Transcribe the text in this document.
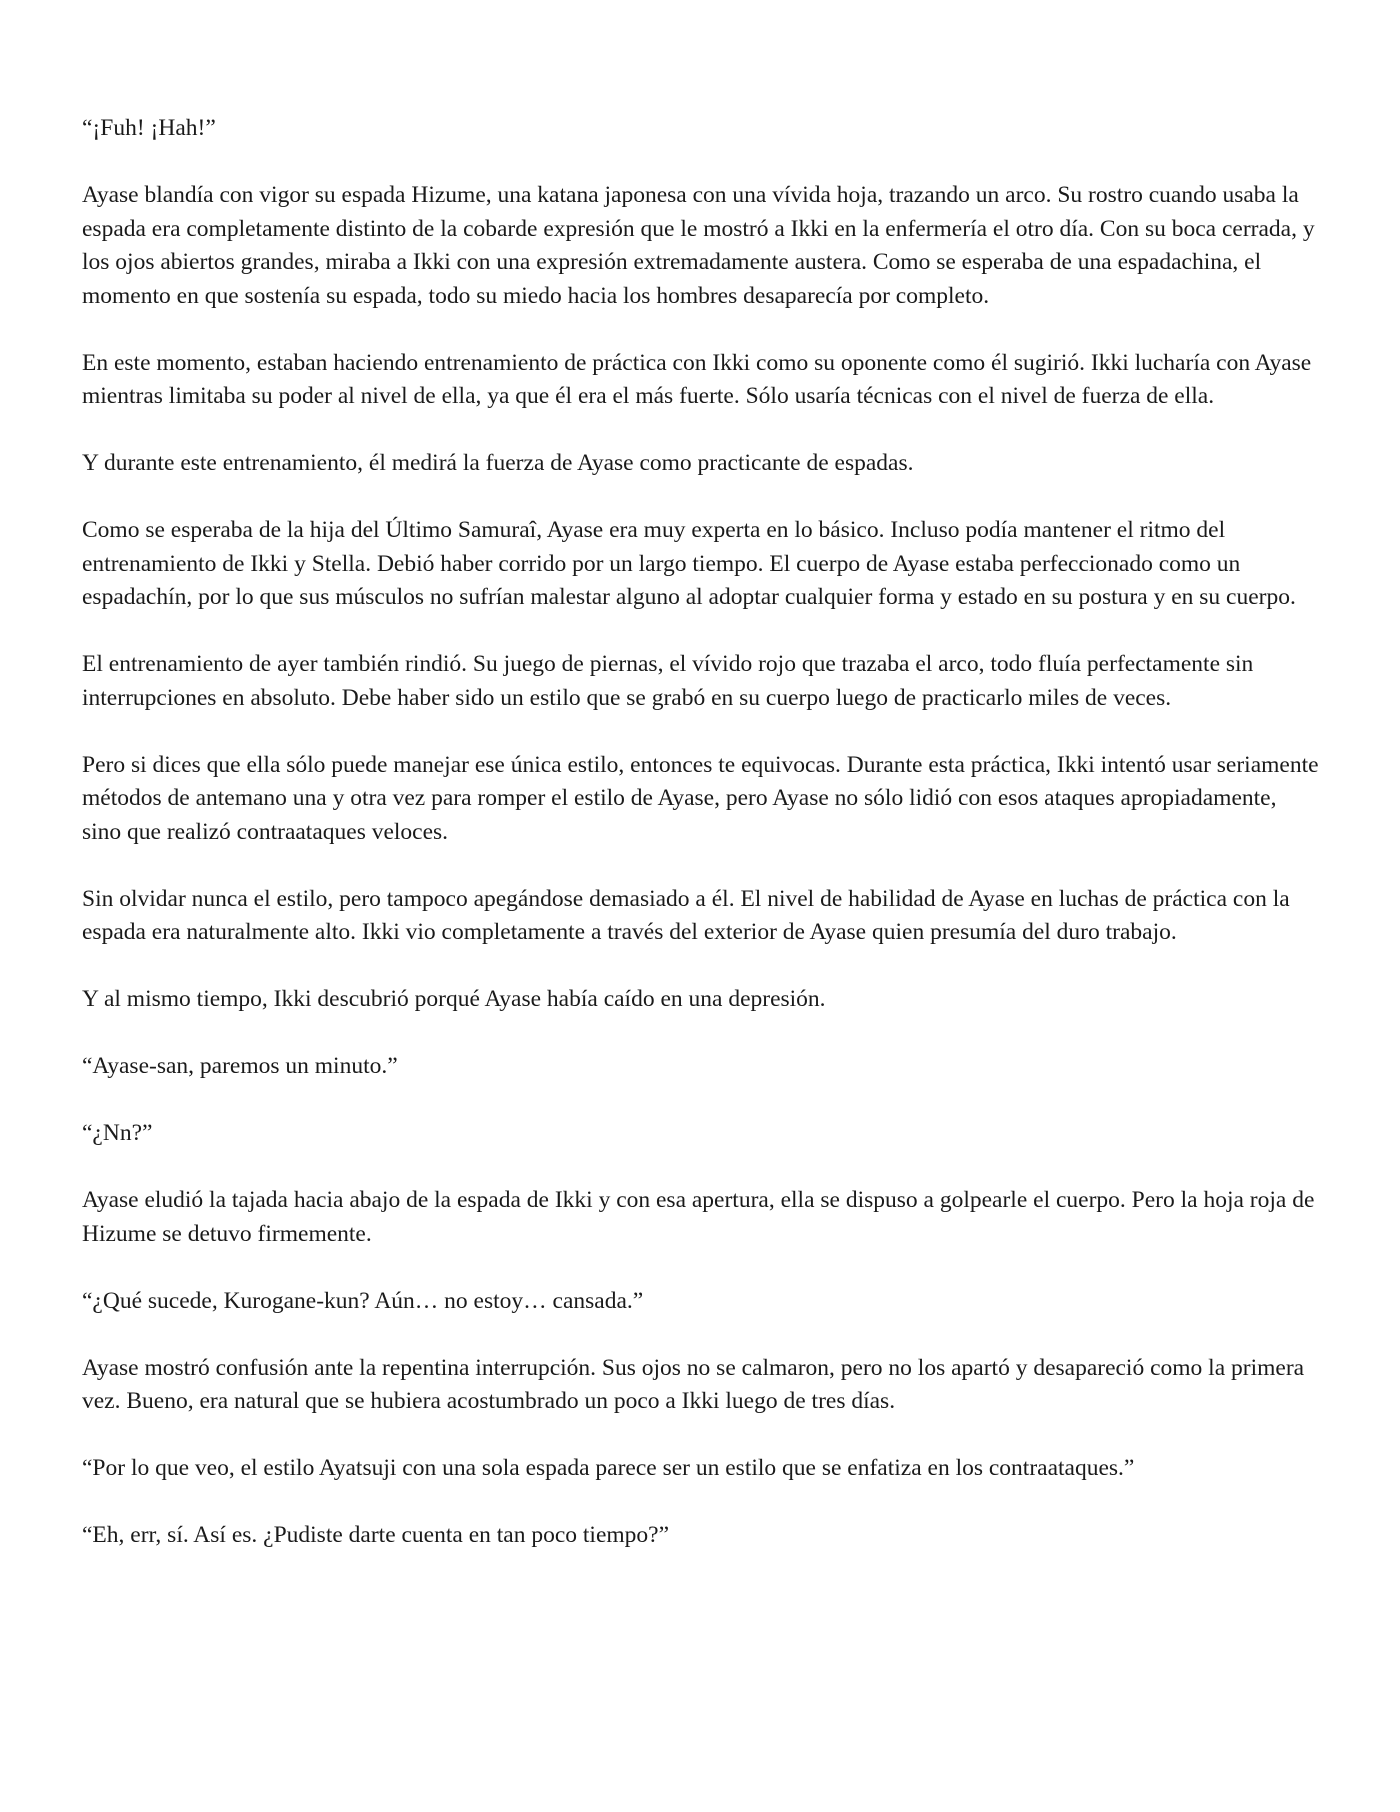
“¡Fuh! ¡Hah!”

Ayase blandía con vigor su espada Hizume, una katana japonesa con una vívida hoja, trazando un arco. Su rostro cuando usaba la espada era completamente distinto de la cobarde expresión que le mostró a Ikki en la enfermería el otro día. Con su boca cerrada, y los ojos abiertos grandes, miraba a Ikki con una expresión extremadamente austera. Como se esperaba de una espadachina, el momento en que sostenía su espada, todo su miedo hacia los hombres desaparecía por completo.

En este momento, estaban haciendo entrenamiento de práctica con Ikki como su oponente como él sugirió. Ikki lucharía con Ayase mientras limitaba su poder al nivel de ella, ya que él era el más fuerte. Sólo usaría técnicas con el nivel de fuerza de ella.

Y durante este entrenamiento, él medirá la fuerza de Ayase como practicante de espadas.

Como se esperaba de la hija del Último Samuraî, Ayase era muy experta en lo básico. Incluso podía mantener el ritmo del entrenamiento de Ikki y Stella. Debió haber corrido por un largo tiempo. El cuerpo de Ayase estaba perfeccionado como un espadachín, por lo que sus músculos no sufrían malestar alguno al adoptar cualquier forma y estado en su postura y en su cuerpo.

El entrenamiento de ayer también rindió. Su juego de piernas, el vívido rojo que trazaba el arco, todo fluía perfectamente sin interrupciones en absoluto. Debe haber sido un estilo que se grabó en su cuerpo luego de practicarlo miles de veces.

Pero si dices que ella sólo puede manejar ese única estilo, entonces te equivocas. Durante esta práctica, Ikki intentó usar seriamente métodos de antemano una y otra vez para romper el estilo de Ayase, pero Ayase no sólo lidió con esos ataques apropiadamente, sino que realizó contraataques veloces.

Sin olvidar nunca el estilo, pero tampoco apegándose demasiado a él. El nivel de habilidad de Ayase en luchas de práctica con la espada era naturalmente alto. Ikki vio completamente a través del exterior de Ayase quien presumía del duro trabajo.

Y al mismo tiempo, Ikki descubrió porqué Ayase había caído en una depresión.

“Ayase-san, paremos un minuto.”

“¿Nn?”

Ayase eludió la tajada hacia abajo de la espada de Ikki y con esa apertura, ella se dispuso a golpearle el cuerpo. Pero la hoja roja de Hizume se detuvo firmemente.

“¿Qué sucede, Kurogane-kun? Aún… no estoy… cansada.”

Ayase mostró confusión ante la repentina interrupción. Sus ojos no se calmaron, pero no los apartó y desapareció como la primera vez. Bueno, era natural que se hubiera acostumbrado un poco a Ikki luego de tres días.

“Por lo que veo, el estilo Ayatsuji con una sola espada parece ser un estilo que se enfatiza en los contraataques.”

“Eh, err, sí. Así es. ¿Pudiste darte cuenta en tan poco tiempo?”
